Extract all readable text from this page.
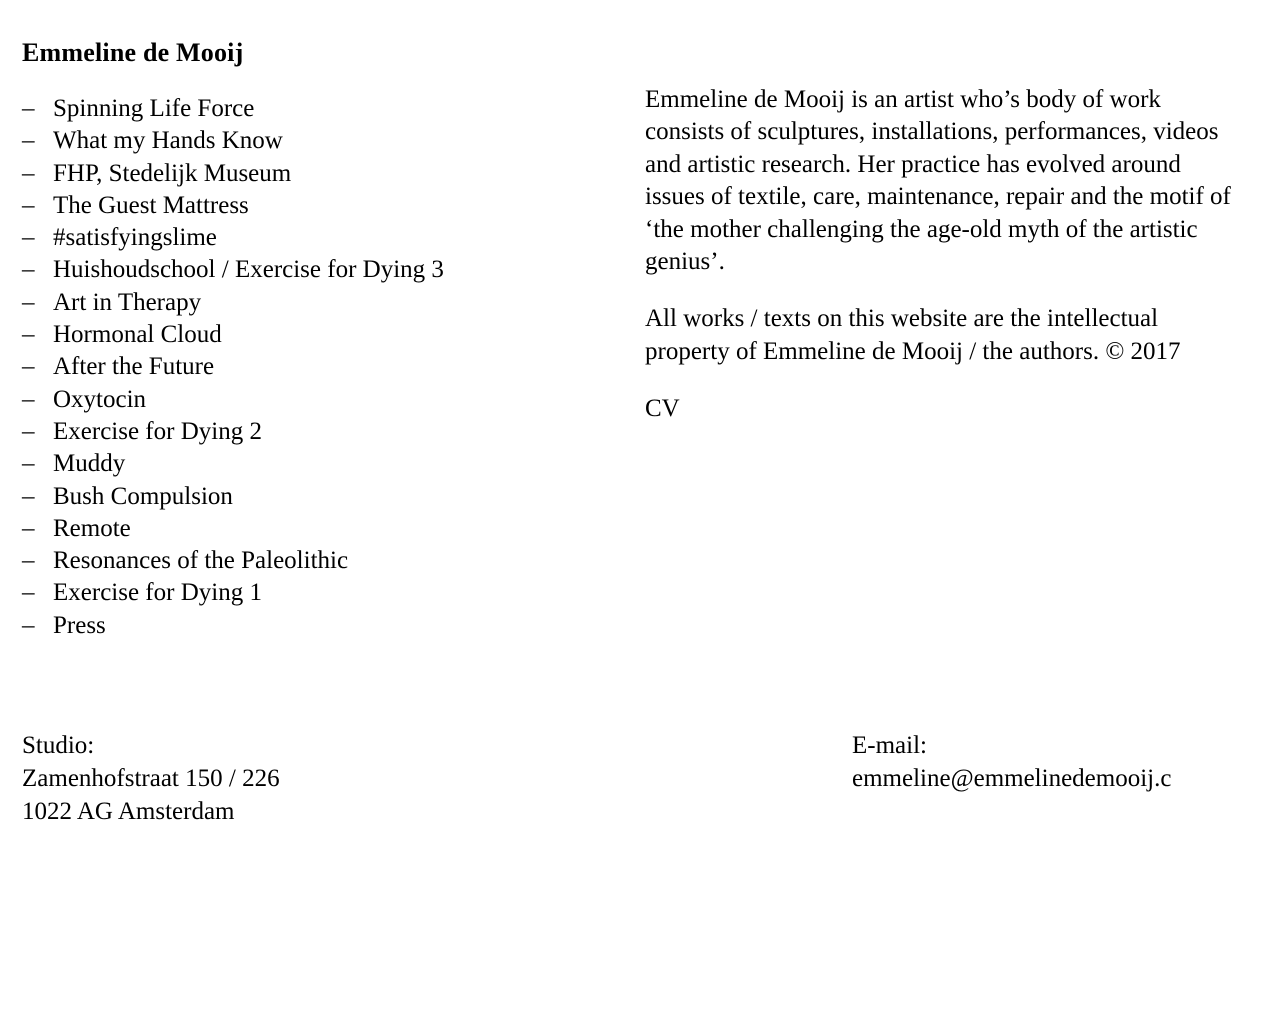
Emmeline de Mooij
– Spinning Life Force
– What my Hands Know
– FHP, Stedelijk Museum
– The Guest Mattress
– #satisfyingslime
– Huishoudschool / Exercise for Dying 3
– Art in Therapy
– Hormonal Cloud
– After the Future
– Oxytocin
– Exercise for Dying 2
– Muddy
– Bush Compulsion
– Remote
– Resonances of the Paleolithic
– Exercise for Dying 1
– Press

Emmeline de Mooij is an artist who’s body of work consists of sculptures, installations, performances, videos and artistic research. Her practice has evolved around issues of textile, care, maintenance, repair and the motif of ‘the mother challenging the age-old myth of the artistic genius’.

All works / texts on this website are the intellectual property of Emmeline de Mooij / the authors. © 2017

CV

Studio:
Zamenhofstraat 150 / 226
1022 AG Amsterdam
E-mail:
emmeline@emmelinedemooij.c
